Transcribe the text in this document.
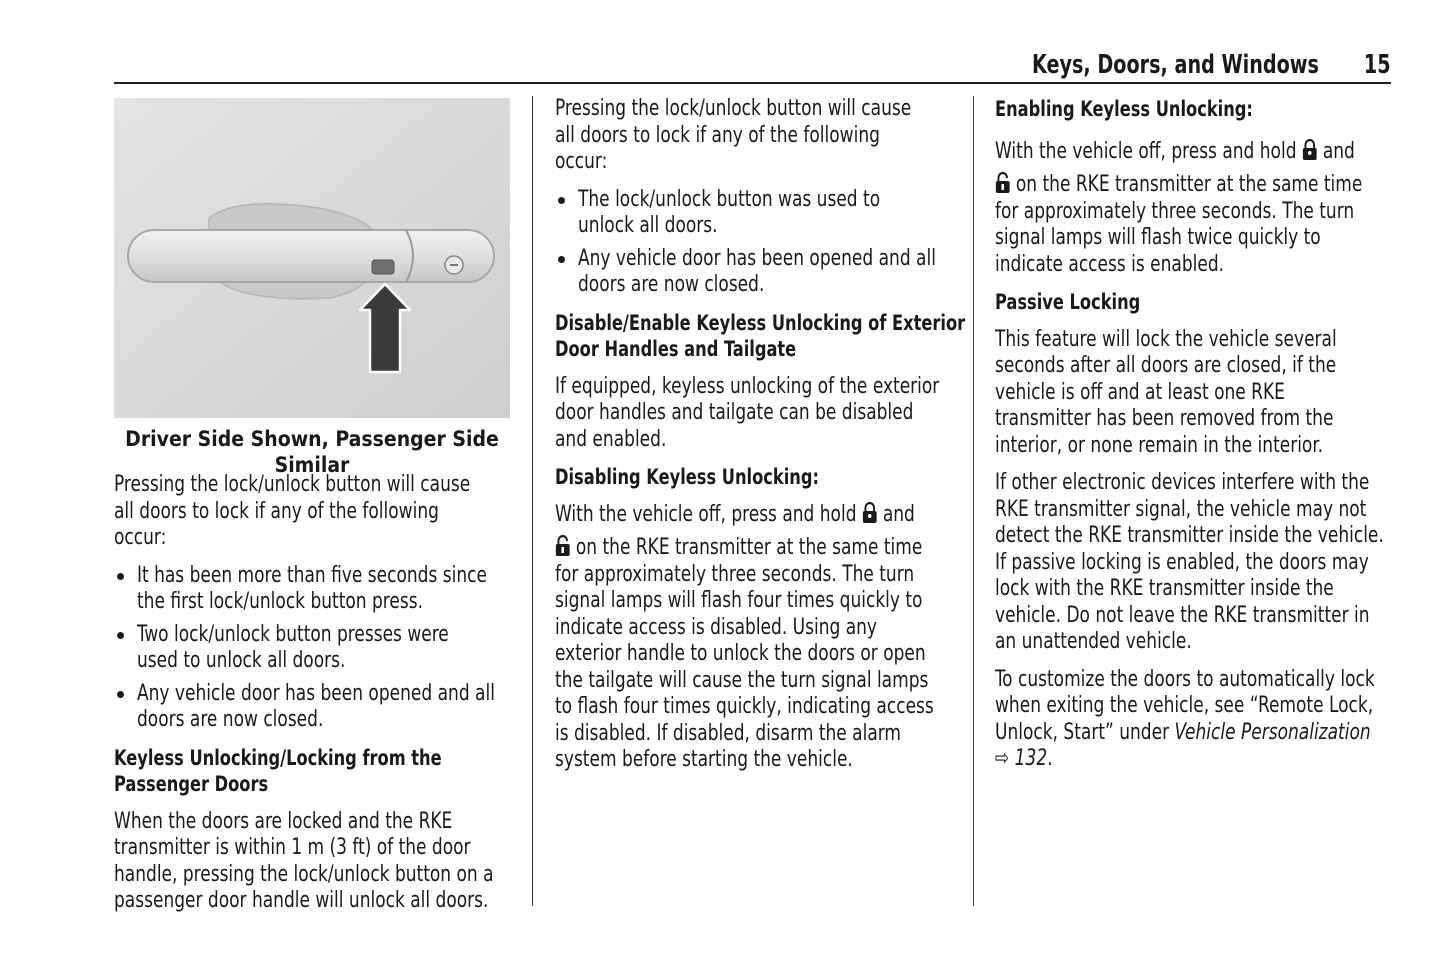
Keys, Doors, and Windows 15
Driver Side Shown, Passenger Side Similar

Pressing the lock/unlock button will cause
all doors to lock if any of the following
occur:

It has been more than five seconds since
the first lock/unlock button press.
Two lock/unlock button presses were
used to unlock all doors.
Any vehicle door has been opened and all
doors are now closed.
Keyless Unlocking/Locking from the
Passenger Doors

When the doors are locked and the RKE
transmitter is within 1 m (3 ft) of the door
handle, pressing the lock/unlock button on a
passenger door handle will unlock all doors.

Pressing the lock/unlock button will cause
all doors to lock if any of the following
occur:

The lock/unlock button was used to
unlock all doors.
Any vehicle door has been opened and all
doors are now closed.
Disable/Enable Keyless Unlocking of Exterior
Door Handles and Tailgate

If equipped, keyless unlocking of the exterior
door handles and tailgate can be disabled
and enabled.

Disabling Keyless Unlocking:

With the vehicle off, press and hold and
on the RKE transmitter at the same time
for approximately three seconds. The turn
signal lamps will flash four times quickly to
indicate access is disabled. Using any
exterior handle to unlock the doors or open
the tailgate will cause the turn signal lamps
to flash four times quickly, indicating access
is disabled. If disabled, disarm the alarm
system before starting the vehicle.

Enabling Keyless Unlocking:

With the vehicle off, press and hold and
on the RKE transmitter at the same time
for approximately three seconds. The turn
signal lamps will flash twice quickly to
indicate access is enabled.

Passive Locking

This feature will lock the vehicle several
seconds after all doors are closed, if the
vehicle is off and at least one RKE
transmitter has been removed from the
interior, or none remain in the interior.

If other electronic devices interfere with the
RKE transmitter signal, the vehicle may not
detect the RKE transmitter inside the vehicle.
If passive locking is enabled, the doors may
lock with the RKE transmitter inside the
vehicle. Do not leave the RKE transmitter in
an unattended vehicle.

To customize the doors to automatically lock
when exiting the vehicle, see “Remote Lock,
Unlock, Start” under Vehicle Personalization
⇨ 132.
